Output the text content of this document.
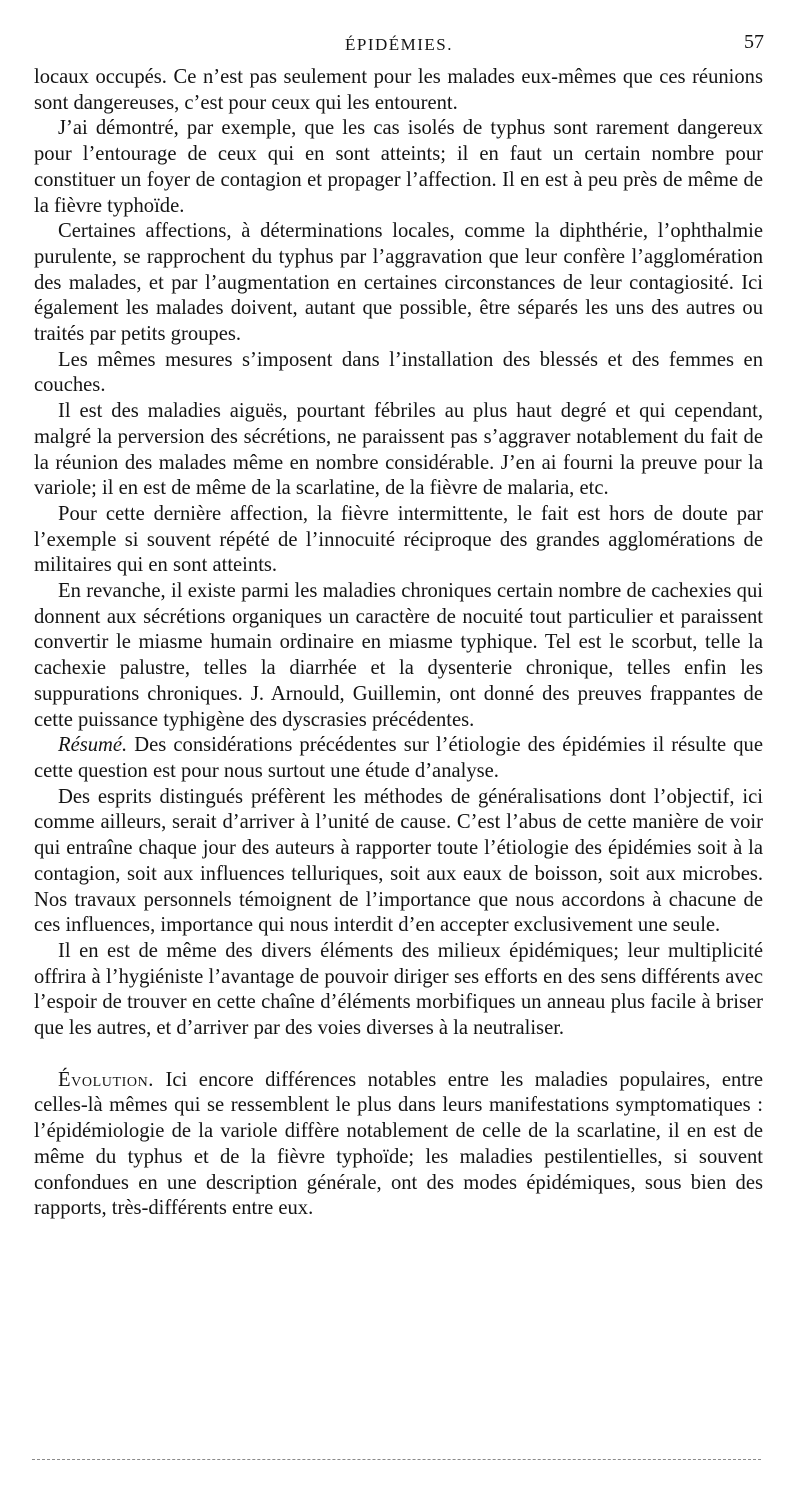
ÉPIDÉMIES.	57

locaux occupés. Ce n’est pas seulement pour les malades eux-mêmes que ces réunions sont dangereuses, c’est pour ceux qui les entourent.

J’ai démontré, par exemple, que les cas isolés de typhus sont rarement dangereux pour l’entourage de ceux qui en sont atteints; il en faut un certain nombre pour constituer un foyer de contagion et propager l’affection. Il en est à peu près de même de la fièvre typhoïde.

Certaines affections, à déterminations locales, comme la diphthérie, l’ophthalmie purulente, se rapprochent du typhus par l’aggravation que leur confère l’agglomération des malades, et par l’augmentation en certaines circonstances de leur contagiosité. Ici également les malades doivent, autant que possible, être séparés les uns des autres ou traités par petits groupes.

Les mêmes mesures s’imposent dans l’installation des blessés et des femmes en couches.

Il est des maladies aiguës, pourtant fébriles au plus haut degré et qui cependant, malgré la perversion des sécrétions, ne paraissent pas s’aggraver notablement du fait de la réunion des malades même en nombre considérable. J’en ai fourni la preuve pour la variole; il en est de même de la scarlatine, de la fièvre de malaria, etc.

Pour cette dernière affection, la fièvre intermittente, le fait est hors de doute par l’exemple si souvent répété de l’innocuité réciproque des grandes agglomérations de militaires qui en sont atteints.

En revanche, il existe parmi les maladies chroniques certain nombre de cachexies qui donnent aux sécrétions organiques un caractère de nocuité tout particulier et paraissent convertir le miasme humain ordinaire en miasme typhique. Tel est le scorbut, telle la cachexie palustre, telles la diarrhée et la dysenterie chronique, telles enfin les suppurations chroniques. J. Arnould, Guillemin, ont donné des preuves frappantes de cette puissance typhigène des dyscrasies précédentes.

Résumé. Des considérations précédentes sur l’étiologie des épidémies il résulte que cette question est pour nous surtout une étude d’analyse.

Des esprits distingués préfèrent les méthodes de généralisations dont l’objectif, ici comme ailleurs, serait d’arriver à l’unité de cause. C’est l’abus de cette manière de voir qui entraîne chaque jour des auteurs à rapporter toute l’étiologie des épidémies soit à la contagion, soit aux influences telluriques, soit aux eaux de boisson, soit aux microbes. Nos travaux personnels témoignent de l’importance que nous accordons à chacune de ces influences, importance qui nous interdit d’en accepter exclusivement une seule.

Il en est de même des divers éléments des milieux épidémiques; leur multiplicité offrira à l’hygiéniste l’avantage de pouvoir diriger ses efforts en des sens différents avec l’espoir de trouver en cette chaîne d’éléments morbifiques un anneau plus facile à briser que les autres, et d’arriver par des voies diverses à la neutraliser.

Évolution. Ici encore différences notables entre les maladies populaires, entre celles-là mêmes qui se ressemblent le plus dans leurs manifestations symptomatiques : l’épidémiologie de la variole diffère notablement de celle de la scarlatine, il en est de même du typhus et de la fièvre typhoïde; les maladies pestilentielles, si souvent confondues en une description générale, ont des modes épidémiques, sous bien des rapports, très-différents entre eux.
